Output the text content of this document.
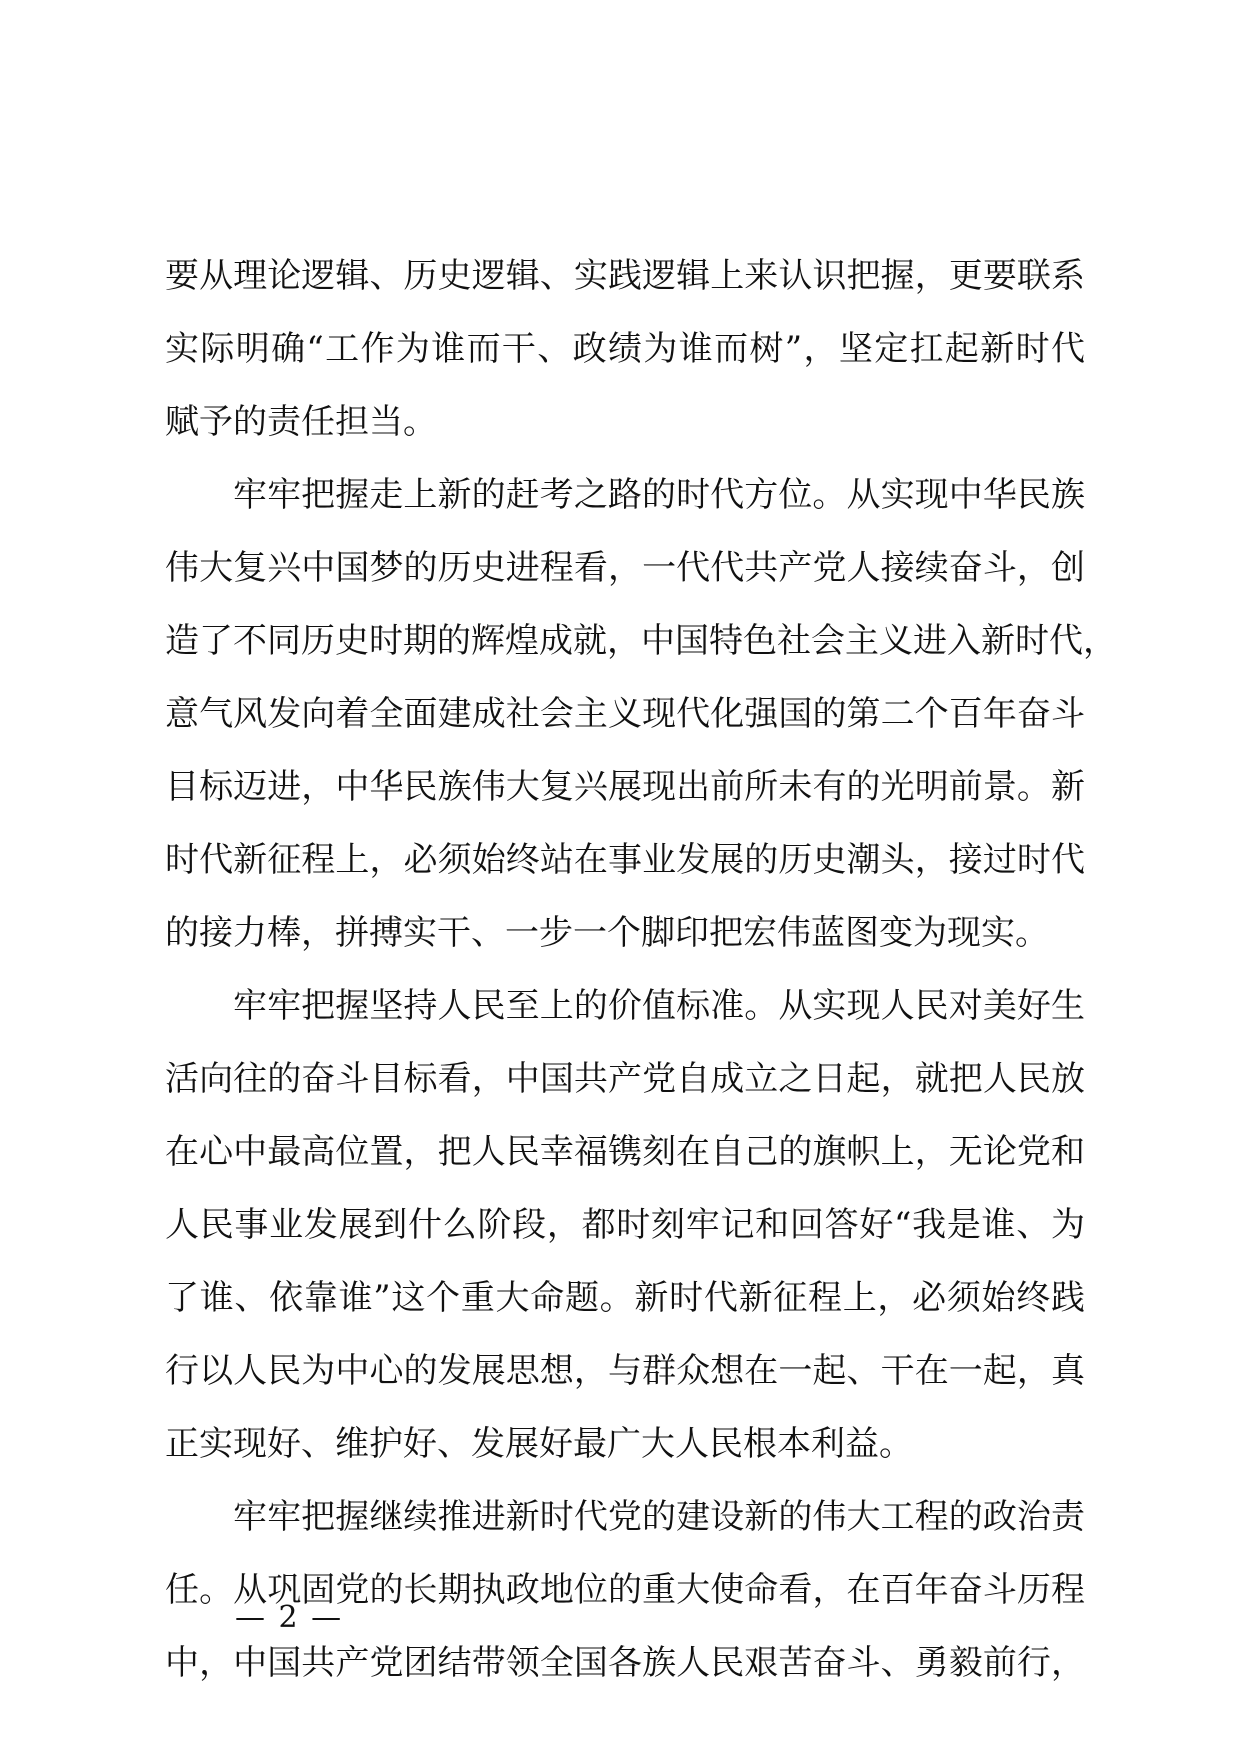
要从理论逻辑、历史逻辑、实践逻辑上来认识把握，更要联系
实际明确“工作为谁而干、政绩为谁而树”，坚定扛起新时代
赋予的责任担当。
牢牢把握走上新的赶考之路的时代方位。从实现中华民族
伟大复兴中国梦的历史进程看，一代代共产党人接续奋斗，创
造了不同历史时期的辉煌成就，中国特色社会主义进入新时代，
意气风发向着全面建成社会主义现代化强国的第二个百年奋斗
目标迈进，中华民族伟大复兴展现出前所未有的光明前景。新
时代新征程上，必须始终站在事业发展的历史潮头，接过时代
的接力棒，拼搏实干、一步一个脚印把宏伟蓝图变为现实。
牢牢把握坚持人民至上的价值标准。从实现人民对美好生
活向往的奋斗目标看，中国共产党自成立之日起，就把人民放
在心中最高位置，把人民幸福镌刻在自己的旗帜上，无论党和
人民事业发展到什么阶段，都时刻牢记和回答好“我是谁、为
了谁、依靠谁”这个重大命题。新时代新征程上，必须始终践
行以人民为中心的发展思想，与群众想在一起、干在一起，真
正实现好、维护好、发展好最广大人民根本利益。
牢牢把握继续推进新时代党的建设新的伟大工程的政治责
任。从巩固党的长期执政地位的重大使命看，在百年奋斗历程
中，中国共产党团结带领全国各族人民艰苦奋斗、勇毅前行，
— 2 —
